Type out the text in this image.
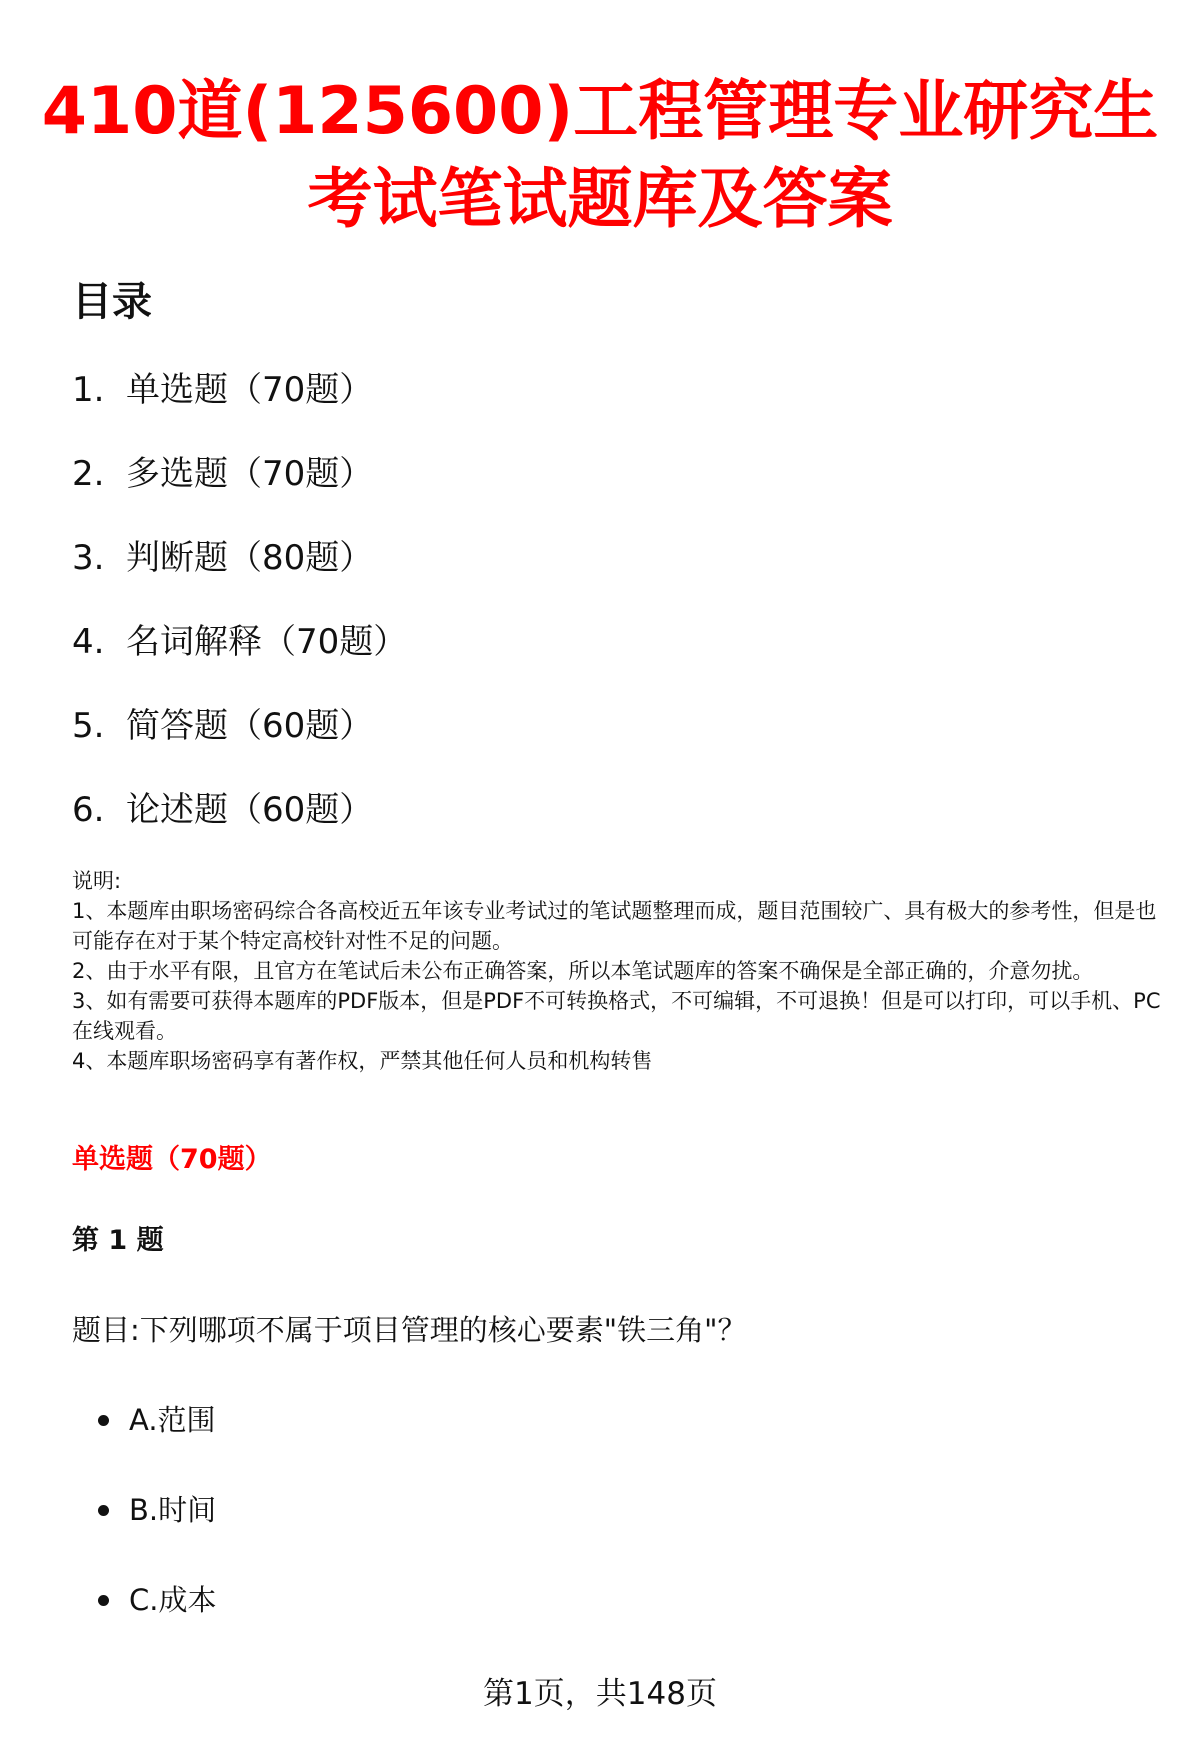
410道(125600)工程管理专业研究生考试笔试题库及答案
目录
1. 单选题（70题）
2. 多选题（70题）
3. 判断题（80题）
4. 名词解释（70题）
5. 简答题（60题）
6. 论述题（60题）

说明:

1、本题库由职场密码综合各高校近五年该专业考试过的笔试题整理而成，题目范围较广、具有极大的参考性，但是也可能存在对于某个特定高校针对性不足的问题。

2、由于水平有限，且官方在笔试后未公布正确答案，所以本笔试题库的答案不确保是全部正确的，介意勿扰。

3、如有需要可获得本题库的PDF版本，但是PDF不可转换格式，不可编辑，不可退换！但是可以打印，可以手机、PC在线观看。

4、本题库职场密码享有著作权，严禁其他任何人员和机构转售

单选题（70题）
第 1 题

题目:下列哪项不属于项目管理的核心要素"铁三角"？

A.范围
B.时间
C.成本
第1页，共148页
